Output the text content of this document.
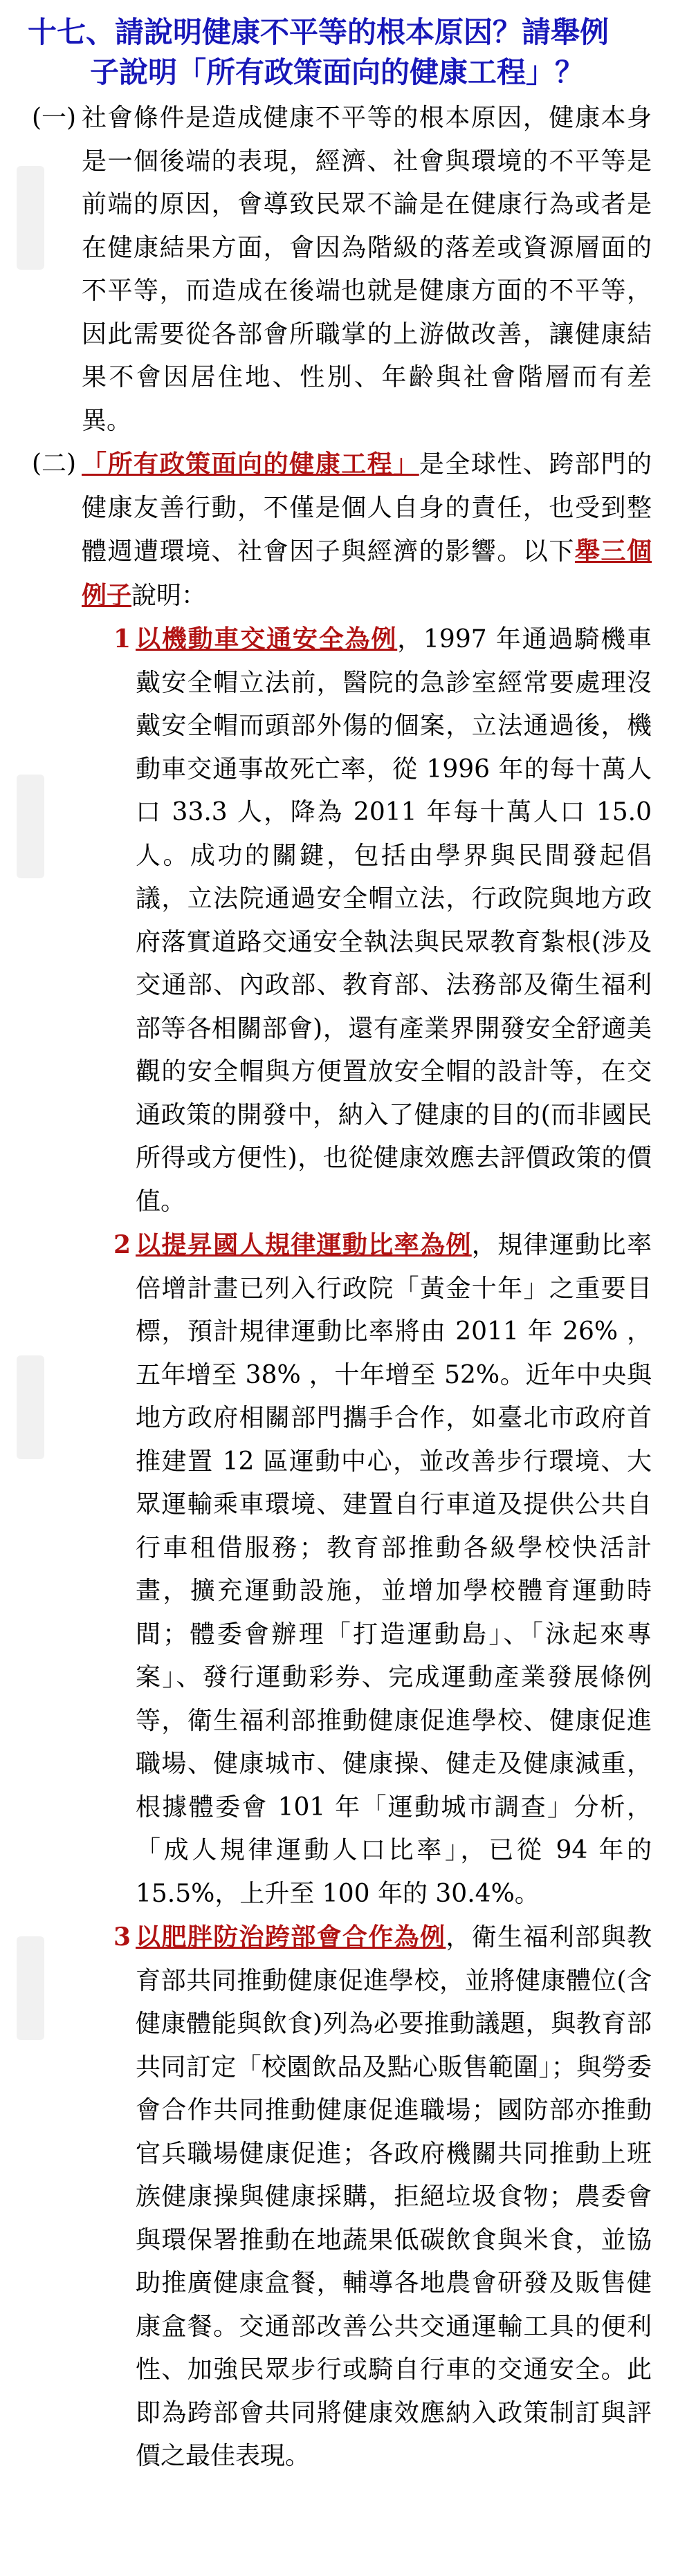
十七、請說明健康不平等的根本原因？請舉例
子說明「所有政策面向的健康工程」？
(一) 社會條件是造成健康不平等的根本原因，健康本身是一個後端的表現，經濟、社會與環境的不平等是前端的原因，會導致民眾不論是在健康行為或者是在健康結果方面，會因為階級的落差或資源層面的不平等，而造成在後端也就是健康方面的不平等，因此需要從各部會所職掌的上游做改善，讓健康結果不會因居住地、性別、年齡與社會階層而有差異。
(二) 「所有政策面向的健康工程」是全球性、跨部門的健康友善行動，不僅是個人自身的責任，也受到整體週遭環境、社會因子與經濟的影響。以下舉三個例子說明：
1 以機動車交通安全為例，1997 年通過騎機車戴安全帽立法前，醫院的急診室經常要處理沒戴安全帽而頭部外傷的個案，立法通過後，機動車交通事故死亡率，從 1996 年的每十萬人口 33.3 人，降為 2011 年每十萬人口 15.0 人。成功的關鍵，包括由學界與民間發起倡議，立法院通過安全帽立法，行政院與地方政府落實道路交通安全執法與民眾教育紮根(涉及交通部、內政部、教育部、法務部及衛生福利部等各相關部會)，還有產業界開發安全舒適美觀的安全帽與方便置放安全帽的設計等，在交通政策的開發中，納入了健康的目的(而非國民所得或方便性)，也從健康效應去評價政策的價值。
2 以提昇國人規律運動比率為例，規律運動比率倍增計畫已列入行政院「黃金十年」之重要目標，預計規律運動比率將由 2011 年 26% ，五年增至 38% ，十年增至 52%。近年中央與地方政府相關部門攜手合作，如臺北市政府首推建置 12 區運動中心，並改善步行環境、大眾運輸乘車環境、建置自行車道及提供公共自行車租借服務；教育部推動各級學校快活計畫，擴充運動設施，並增加學校體育運動時間；體委會辦理「打造運動島」、「泳起來專案」、發行運動彩券、完成運動產業發展條例等，衛生福利部推動健康促進學校、健康促進職場、健康城市、健康操、健走及健康減重，根據體委會 101 年「運動城市調查」分析，「成人規律運動人口比率」，已從 94 年的 15.5%，上升至 100 年的 30.4%。
3 以肥胖防治跨部會合作為例，衛生福利部與教育部共同推動健康促進學校，並將健康體位(含健康體能與飲食)列為必要推動議題，與教育部共同訂定「校園飲品及點心販售範圍」；與勞委會合作共同推動健康促進職場；國防部亦推動官兵職場健康促進；各政府機關共同推動上班族健康操與健康採購，拒絕垃圾食物；農委會與環保署推動在地蔬果低碳飲食與米食，並協助推廣健康盒餐，輔導各地農會研發及販售健康盒餐。交通部改善公共交通運輸工具的便利性、加強民眾步行或騎自行車的交通安全。此即為跨部會共同將健康效應納入政策制訂與評價之最佳表現。
